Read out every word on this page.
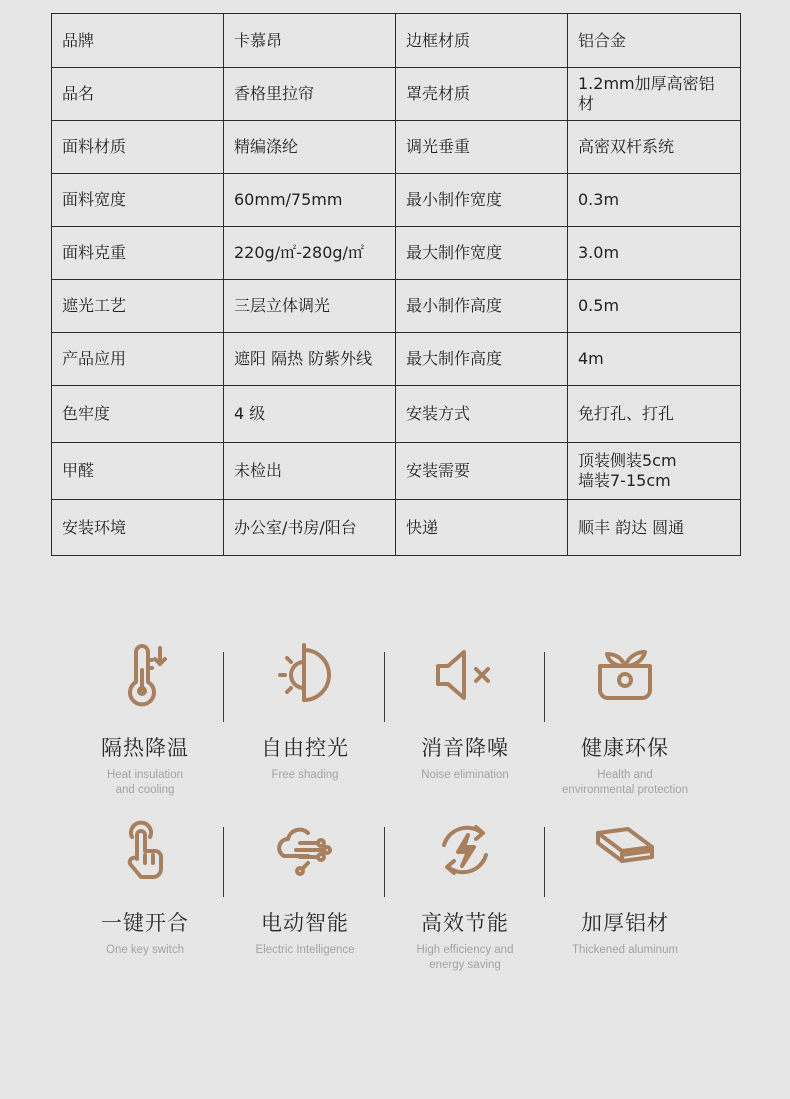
品牌	卡慕昂	边框材质	铝合金
品名	香格里拉帘	罩壳材质	1.2mm加厚高密铝材
面料材质	精编涤纶	调光垂重	高密双杆系统
面料宽度	60mm/75mm	最小制作宽度	0.3m
面料克重	220g/㎡-280g/㎡	最大制作宽度	3.0m
遮光工艺	三层立体调光	最小制作高度	0.5m
产品应用	遮阳 隔热 防紫外线	最大制作高度	4m
色牢度	4 级	安装方式	免打孔、打孔
甲醛	未检出	安装需要	顶装侧装5cm
墙装7-15cm
安装环境	办公室/书房/阳台	快递	顺丰 韵达 圆通
隔热降温
Heat insulation
and cooling
自由控光
Free shading
消音降噪
Noise elimination
健康环保
Health and
environmental protection
一键开合
One key switch
电动智能
Electric Intelligence
高效节能
High efficiency and
energy saving
加厚铝材
Thickened aluminum
